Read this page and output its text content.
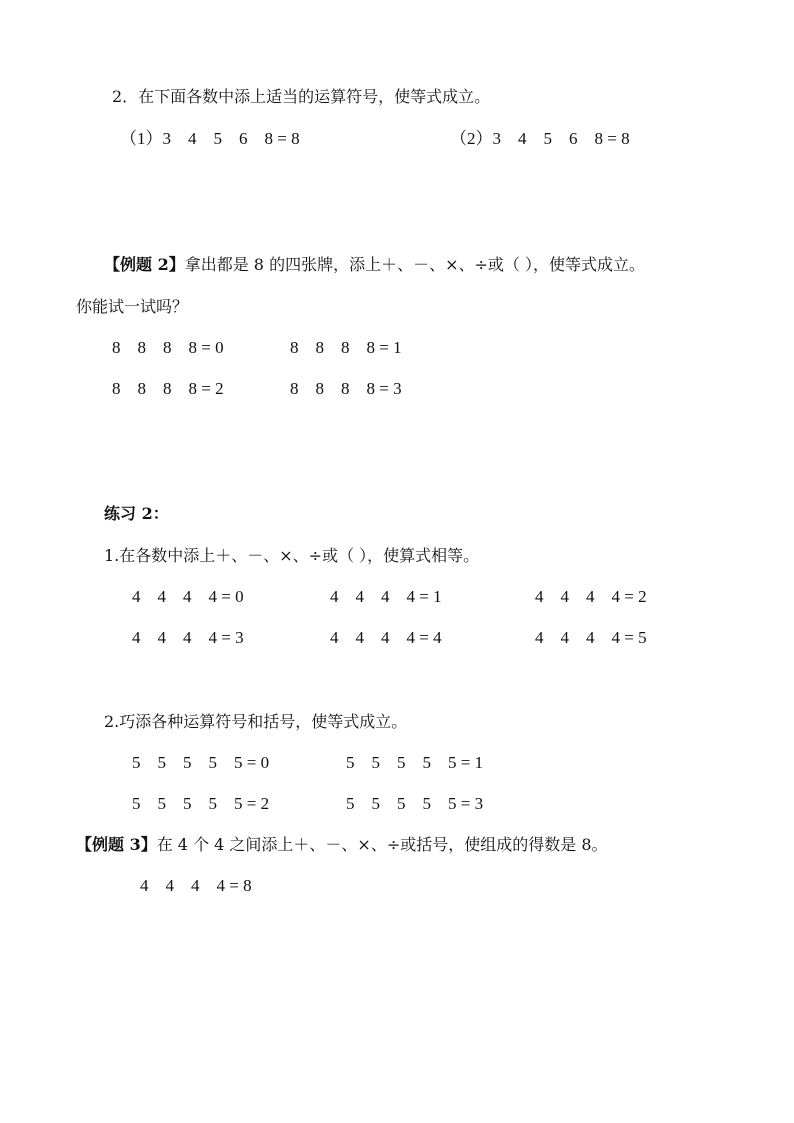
2．在下面各数中添上适当的运算符号，使等式成立。
（1）3　4　5　6　8 = 8	（2）3　4　5　6　8 = 8
【例题 2】拿出都是 8 的四张牌，添上＋、－、×、÷或（ ），使等式成立。
你能试一试吗？
8　8　8　8 = 0	8　8　8　8 = 1
8　8　8　8 = 2	8　8　8　8 = 3
练习 2：
1.在各数中添上＋、－、×、÷或（ ），使算式相等。
4　4　4　4 = 0	4　4　4　4 = 1	4　4　4　4 = 2
4　4　4　4 = 3	4　4　4　4 = 4	4　4　4　4 = 5
2.巧添各种运算符号和括号，使等式成立。
5　5　5　5　5 = 0	5　5　5　5　5 = 1
5　5　5　5　5 = 2	5　5　5　5　5 = 3
【例题 3】在 4 个 4 之间添上＋、－、×、÷或括号，使组成的得数是 8。
4　4　4　4 = 8
